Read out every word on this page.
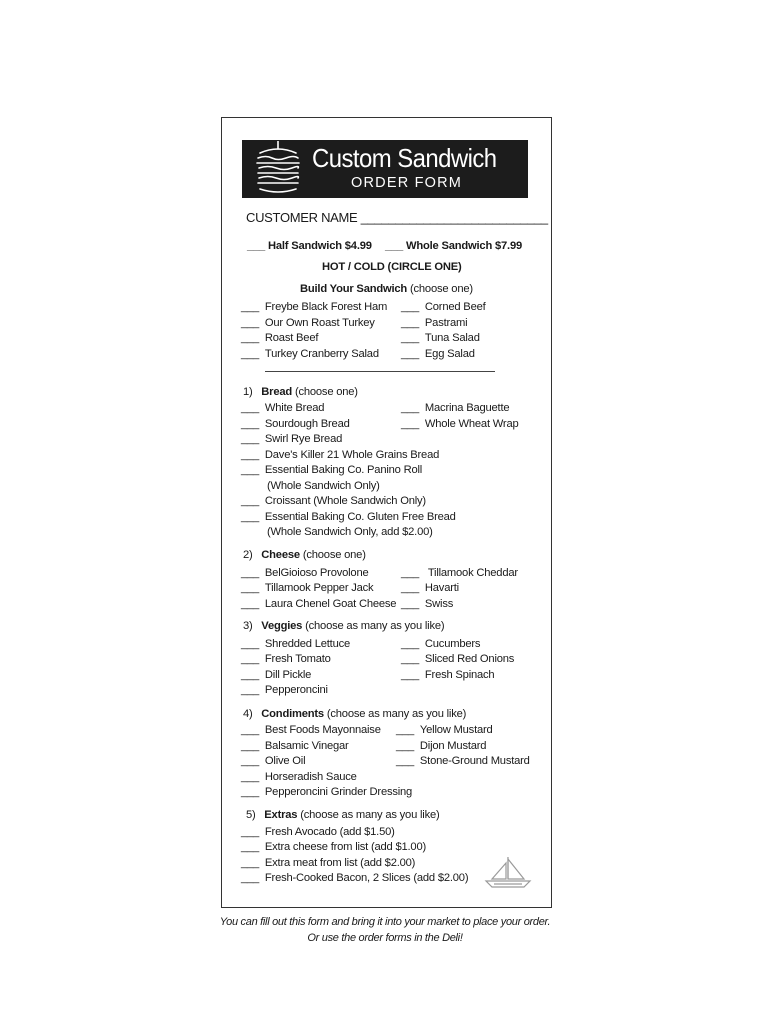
Custom Sandwich
ORDER FORM
CUSTOMER NAME ___________________________
___ Half Sandwich $4.99 ___ Whole Sandwich $7.99
HOT / COLD (CIRCLE ONE)
Build Your Sandwich (choose one)
___ Freybe Black Forest Ham
___ Our Own Roast Turkey
___ Roast Beef
___ Turkey Cranberry Salad
___ Corned Beef
___ Pastrami
___ Tuna Salad
___ Egg Salad
1) Bread (choose one)
___ White Bread
___ Sourdough Bread
___ Swirl Rye Bread
___ Dave's Killer 21 Whole Grains Bread
___ Essential Baking Co. Panino Roll
(Whole Sandwich Only)
___ Croissant (Whole Sandwich Only)
___ Essential Baking Co. Gluten Free Bread
(Whole Sandwich Only, add $2.00)
___ Macrina Baguette
___ Whole Wheat Wrap
2) Cheese (choose one)
___ BelGioioso Provolone
___ Tillamook Pepper Jack
___ Laura Chenel Goat Cheese
___ Tillamook Cheddar
___ Havarti
___ Swiss
3) Veggies (choose as many as you like)
___ Shredded Lettuce
___ Fresh Tomato
___ Dill Pickle
___ Pepperoncini
___ Cucumbers
___ Sliced Red Onions
___ Fresh Spinach
4) Condiments (choose as many as you like)
___ Best Foods Mayonnaise
___ Balsamic Vinegar
___ Olive Oil
___ Horseradish Sauce
___ Pepperoncini Grinder Dressing
___ Yellow Mustard
___ Dijon Mustard
___ Stone-Ground Mustard
5) Extras (choose as many as you like)
___ Fresh Avocado (add $1.50)
___ Extra cheese from list (add $1.00)
___ Extra meat from list (add $2.00)
___ Fresh-Cooked Bacon, 2 Slices (add $2.00)
You can fill out this form and bring it into your market to place your order.
Or use the order forms in the Deli!
